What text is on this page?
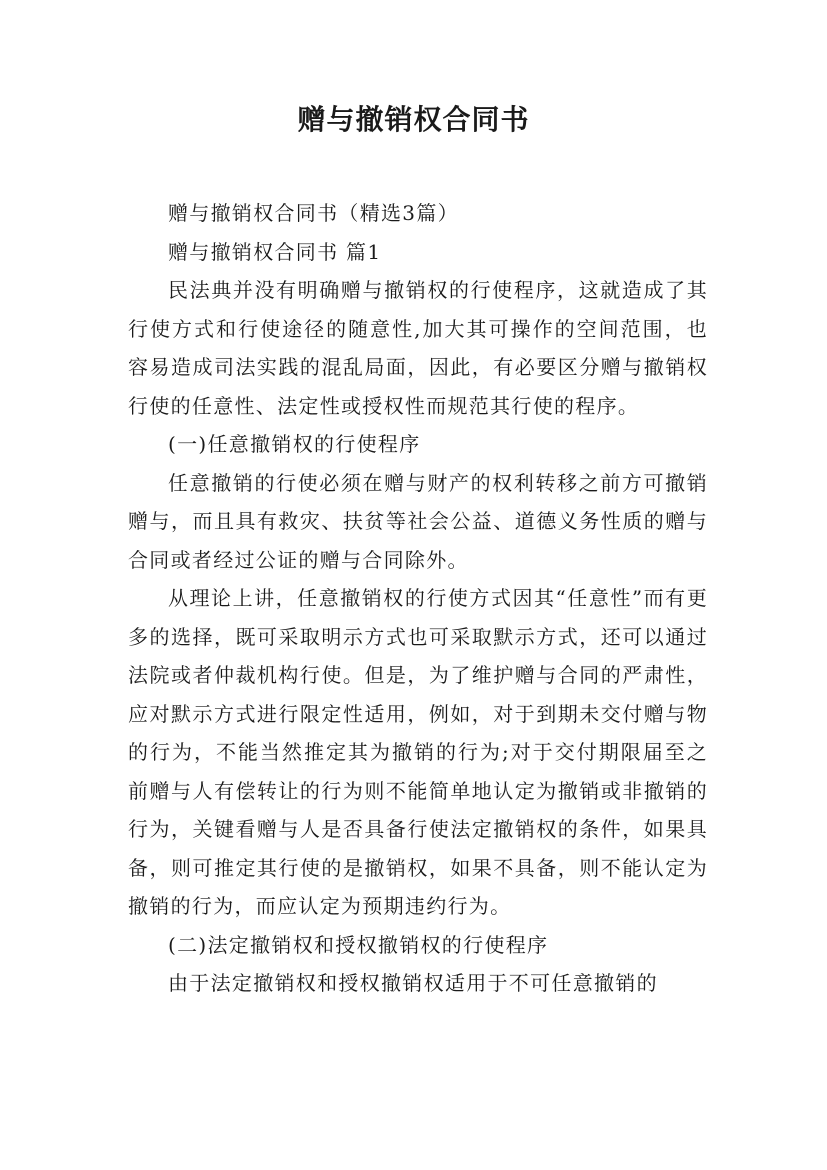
赠与撤销权合同书

赠与撤销权合同书（精选3篇）

赠与撤销权合同书 篇1

民法典并没有明确赠与撤销权的行使程序，这就造成了其行使方式和行使途径的随意性,加大其可操作的空间范围，也容易造成司法实践的混乱局面，因此，有必要区分赠与撤销权行使的任意性、法定性或授权性而规范其行使的程序。

(一)任意撤销权的行使程序

任意撤销的行使必须在赠与财产的权利转移之前方可撤销赠与，而且具有救灾、扶贫等社会公益、道德义务性质的赠与合同或者经过公证的赠与合同除外。

从理论上讲，任意撤销权的行使方式因其“任意性”而有更多的选择，既可采取明示方式也可采取默示方式，还可以通过法院或者仲裁机构行使。但是，为了维护赠与合同的严肃性，应对默示方式进行限定性适用，例如，对于到期未交付赠与物的行为，不能当然推定其为撤销的行为;对于交付期限届至之前赠与人有偿转让的行为则不能简单地认定为撤销或非撤销的行为，关键看赠与人是否具备行使法定撤销权的条件，如果具备，则可推定其行使的是撤销权，如果不具备，则不能认定为撤销的行为，而应认定为预期违约行为。

(二)法定撤销权和授权撤销权的行使程序

由于法定撤销权和授权撤销权适用于不可任意撤销的
